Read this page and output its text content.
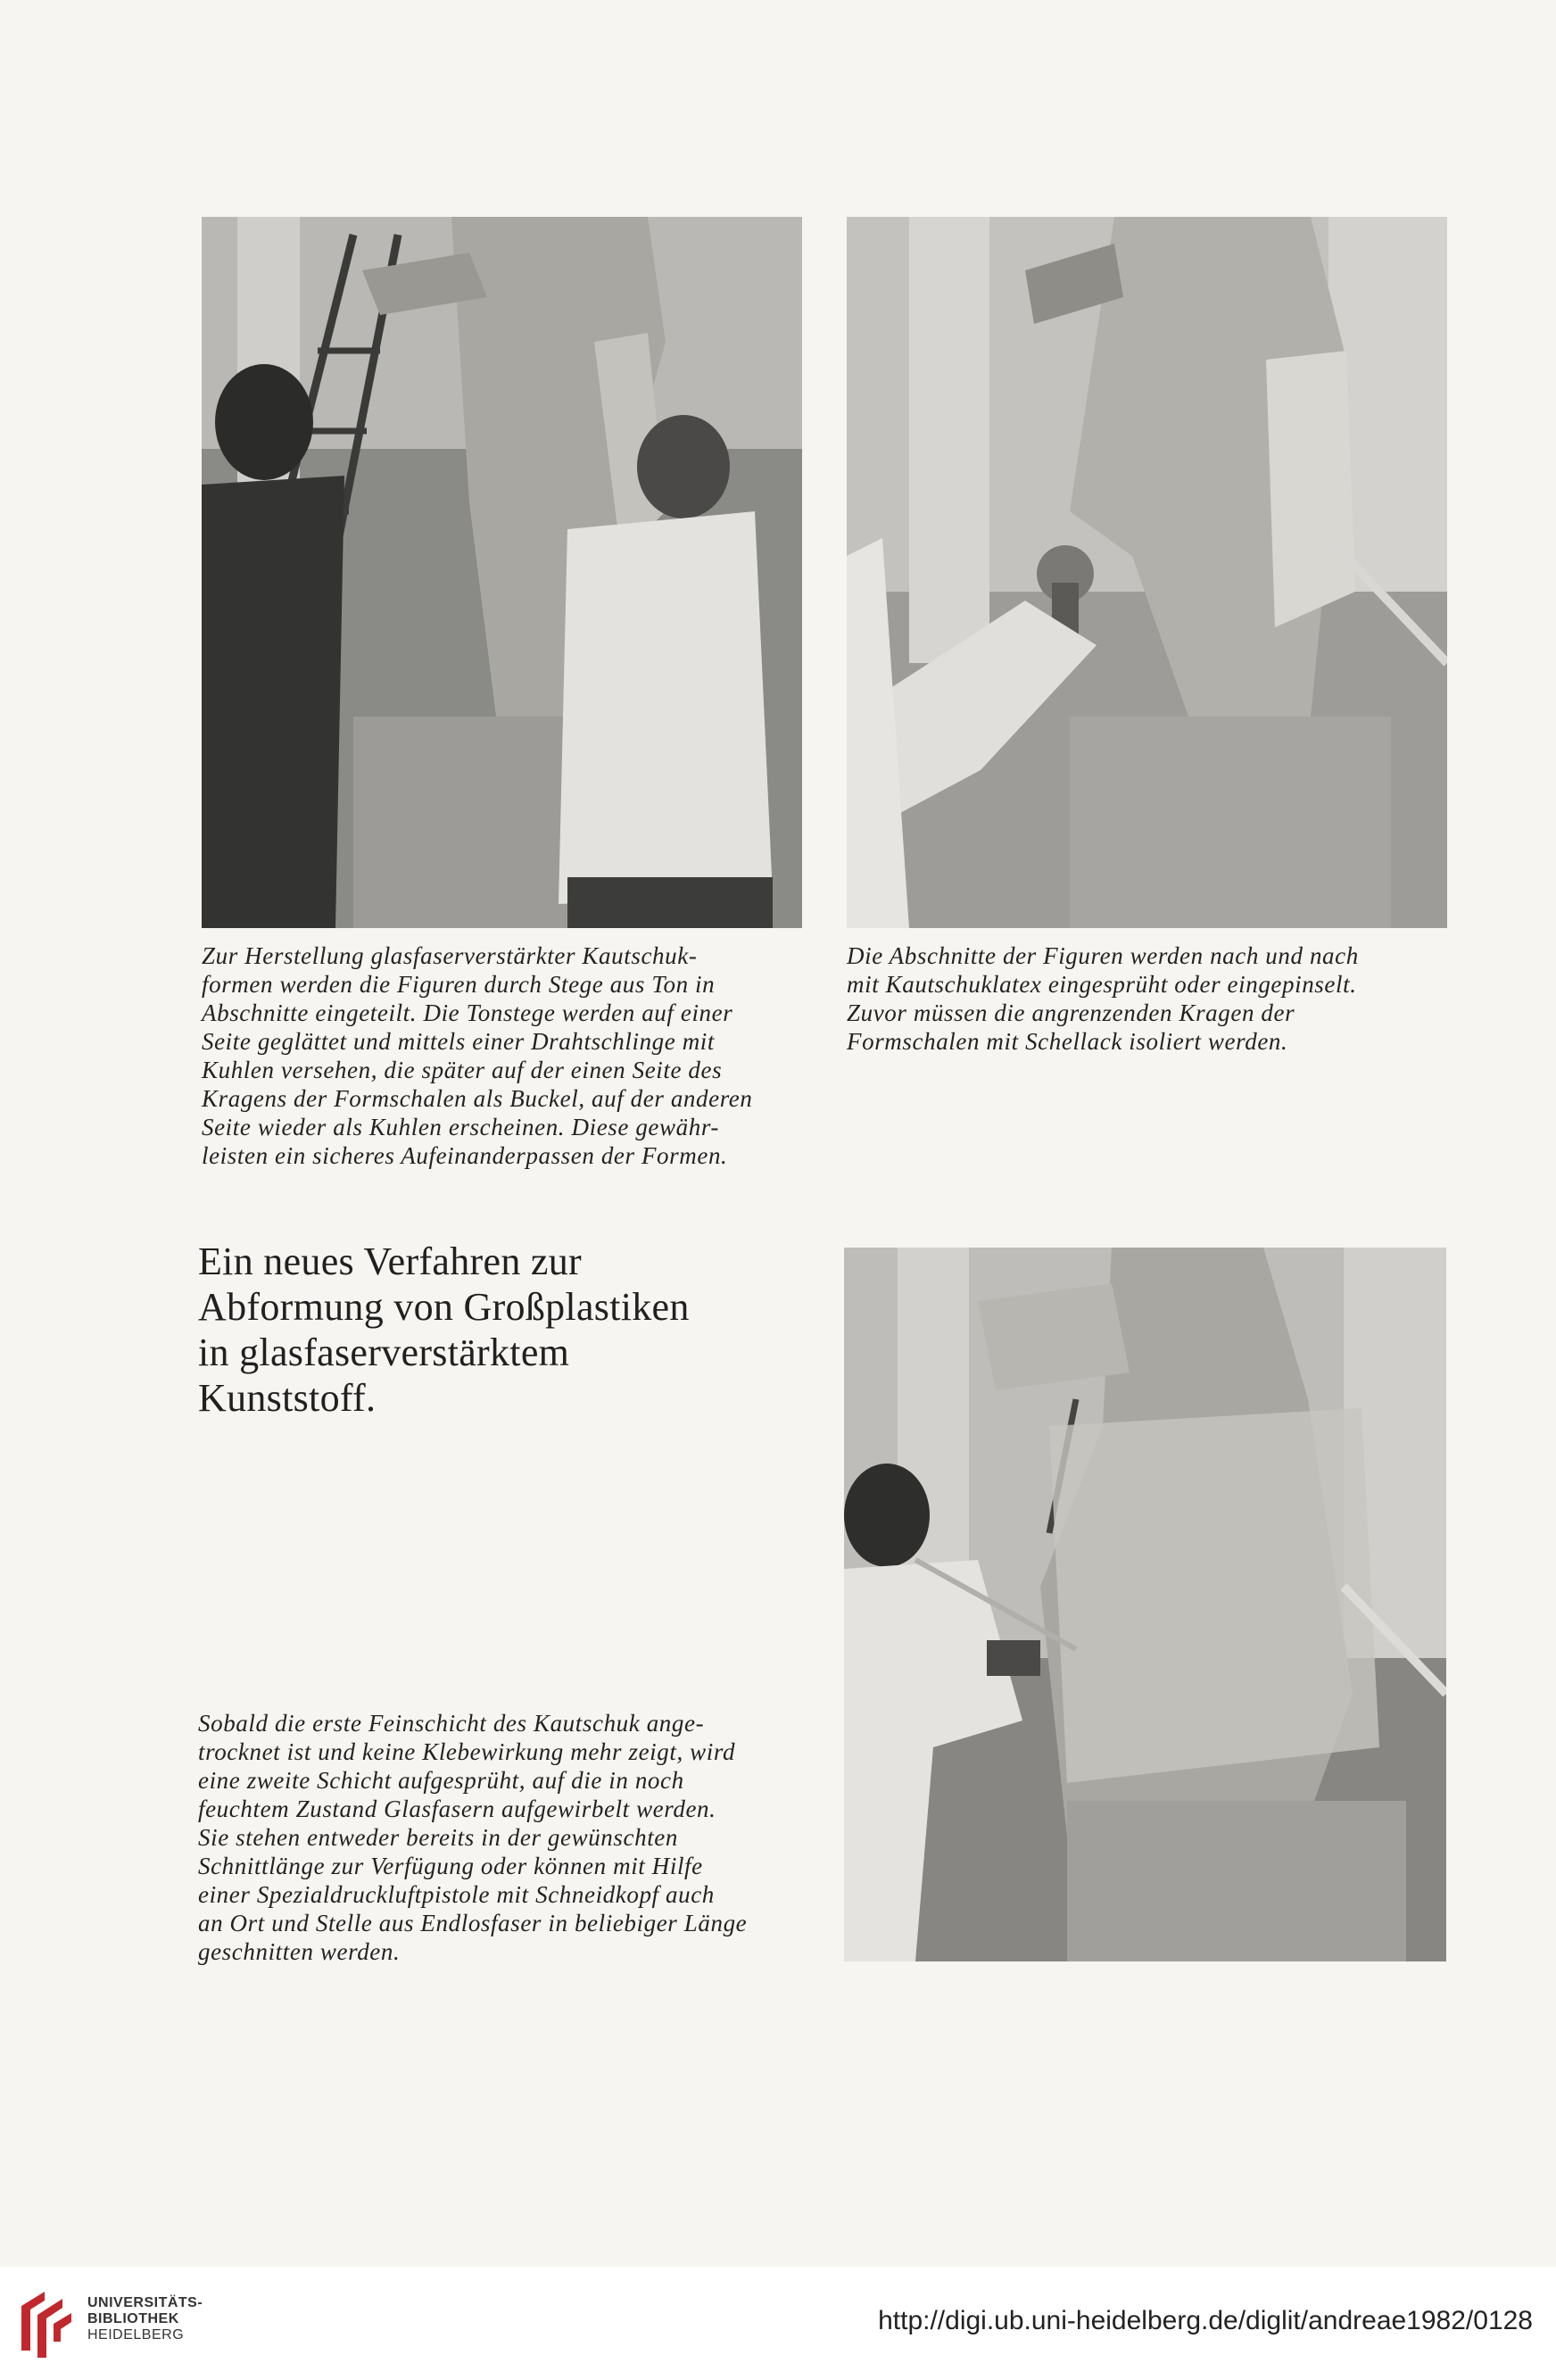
Zur Herstellung glasfaserverstärkter Kautschuk-
formen werden die Figuren durch Stege aus Ton in
Abschnitte eingeteilt. Die Tonstege werden auf einer
Seite geglättet und mittels einer Drahtschlinge mit
Kuhlen versehen, die später auf der einen Seite des
Kragens der Formschalen als Buckel, auf der anderen
Seite wieder als Kuhlen erscheinen. Diese gewähr-
leisten ein sicheres Aufeinanderpassen der Formen.

Die Abschnitte der Figuren werden nach und nach
mit Kautschuklatex eingesprüht oder eingepinselt.
Zuvor müssen die angrenzenden Kragen der
Formschalen mit Schellack isoliert werden.

Ein neues Verfahren zur
Abformung von Großplastiken
in glasfaserverstärktem
Kunststoff.

Sobald die erste Feinschicht des Kautschuk ange-
trocknet ist und keine Klebewirkung mehr zeigt, wird
eine zweite Schicht aufgesprüht, auf die in noch
feuchtem Zustand Glasfasern aufgewirbelt werden.
Sie stehen entweder bereits in der gewünschten
Schnittlänge zur Verfügung oder können mit Hilfe
einer Spezialdruckluftpistole mit Schneidkopf auch
an Ort und Stelle aus Endlosfaser in beliebiger Länge
geschnitten werden.

UNIVERSITÄTS-
BIBLIOTHEK
HEIDELBERG	http://digi.ub.uni-heidelberg.de/diglit/andreae1982/0128
